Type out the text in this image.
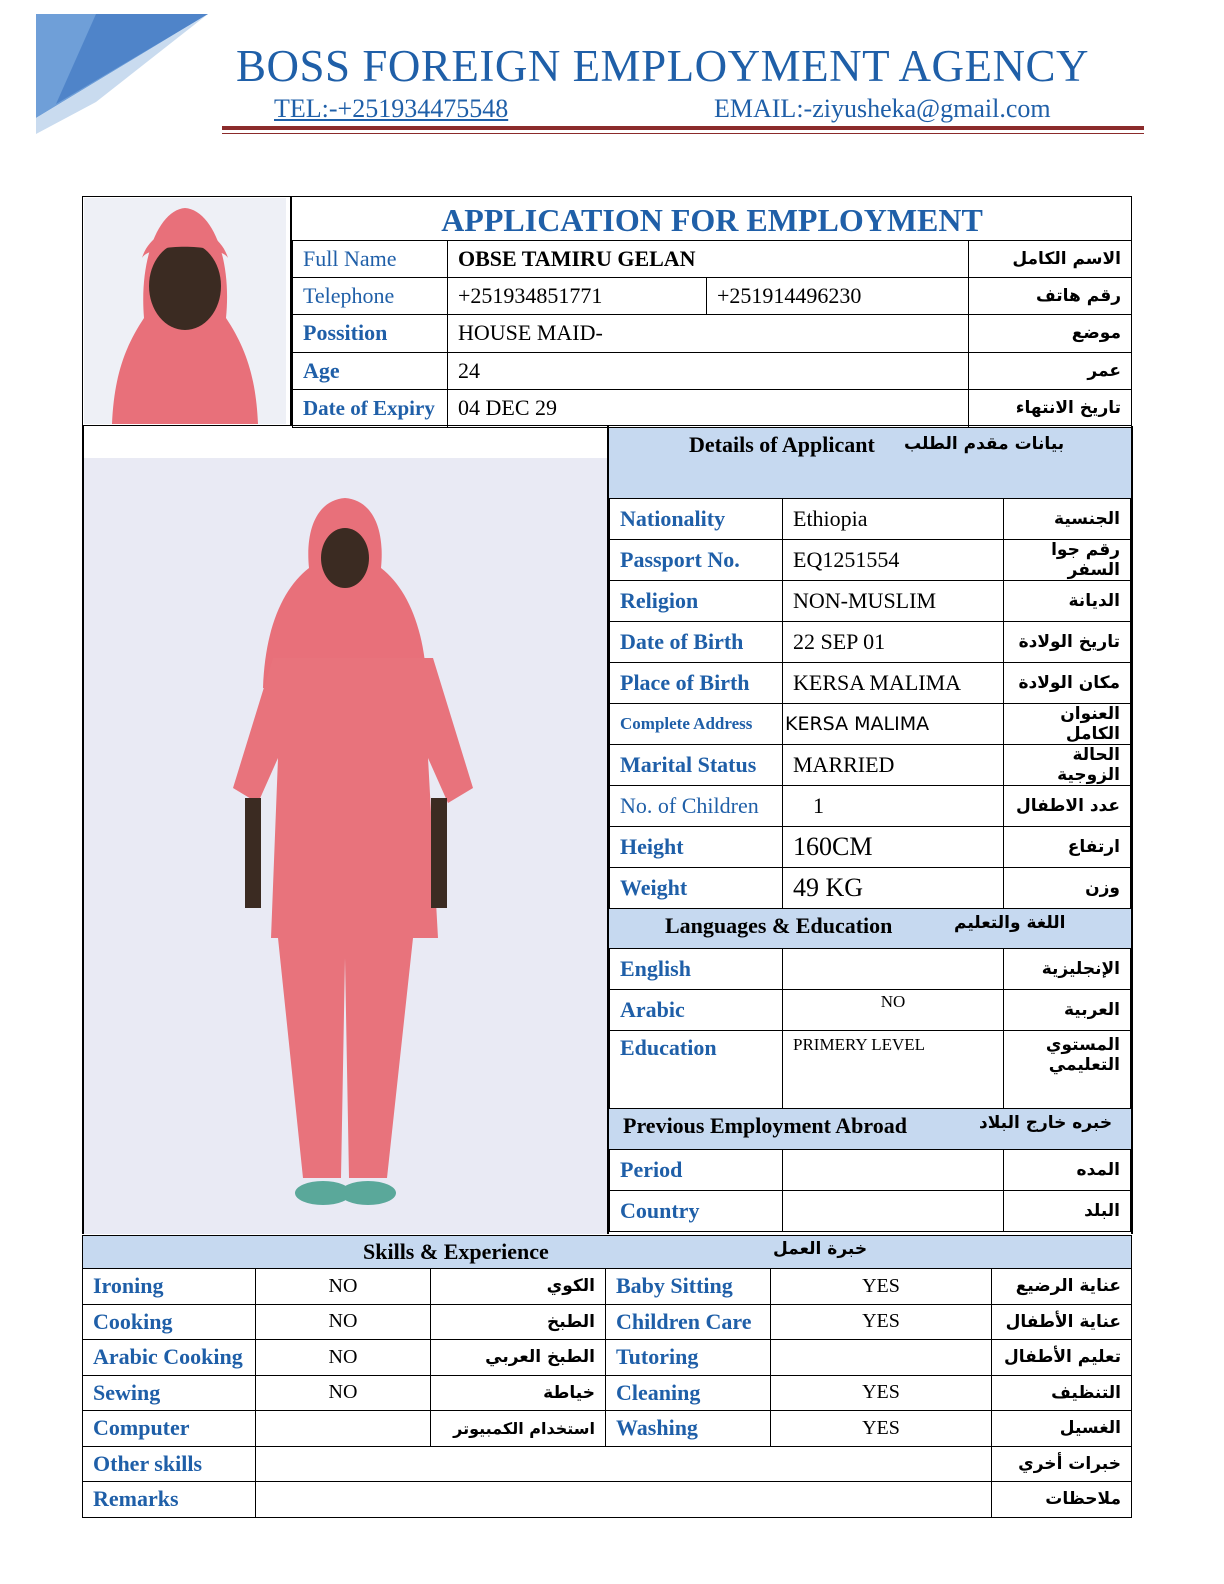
BOSS FOREIGN EMPLOYMENT AGENCY
TEL:-+251934475548	EMAIL:-ziyusheka@gmail.com
APPLICATION FOR EMPLOYMENT
Full Name	OBSE TAMIRU GELAN		الاسم الكامل
Telephone	+251934851771	+251914496230	رقم هاتف
Possition	HOUSE MAID-		موضع
Age	24		عمر
Date of Expiry	04 DEC 29		تاريخ الانتهاء
Details of Applicant بيانات مقدم الطلب
Nationality	Ethiopia	الجنسية
Passport No.	EQ1251554	رقم جوا السفر
Religion	NON-MUSLIM	الديانة
Date of Birth	22 SEP 01	تاريخ الولادة
Place of Birth	KERSA MALIMA	مكان الولادة
Complete Address	KERSA MALIMA	العنوان الكامل
Marital Status	MARRIED	الحالة الزوجية
No. of Children	1	عدد الاطفال
Height	160CM	ارتفاع
Weight	49 KG	وزن
Languages & Education	اللغة والتعليم
English		الإنجليزية
Arabic	NO	العربية
Education	PRIMERY LEVEL	المستوي التعليمي
Previous Employment Abroad	خبره خارج البلاد
Period		المده
Country		البلد
Skills & Experience	خبرة العمل
Ironing	NO	الكوي	Baby Sitting	YES	عناية الرضيع
Cooking	NO	الطبخ	Children Care	YES	عناية الأطفال
Arabic Cooking	NO	الطبخ العربي	Tutoring		تعليم الأطفال
Sewing	NO	خياطة	Cleaning	YES	التنظيف
Computer		استخدام الكمبيوتر	Washing	YES	الغسيل
Other skills					خبرات أخري
Remarks					ملاحظات
